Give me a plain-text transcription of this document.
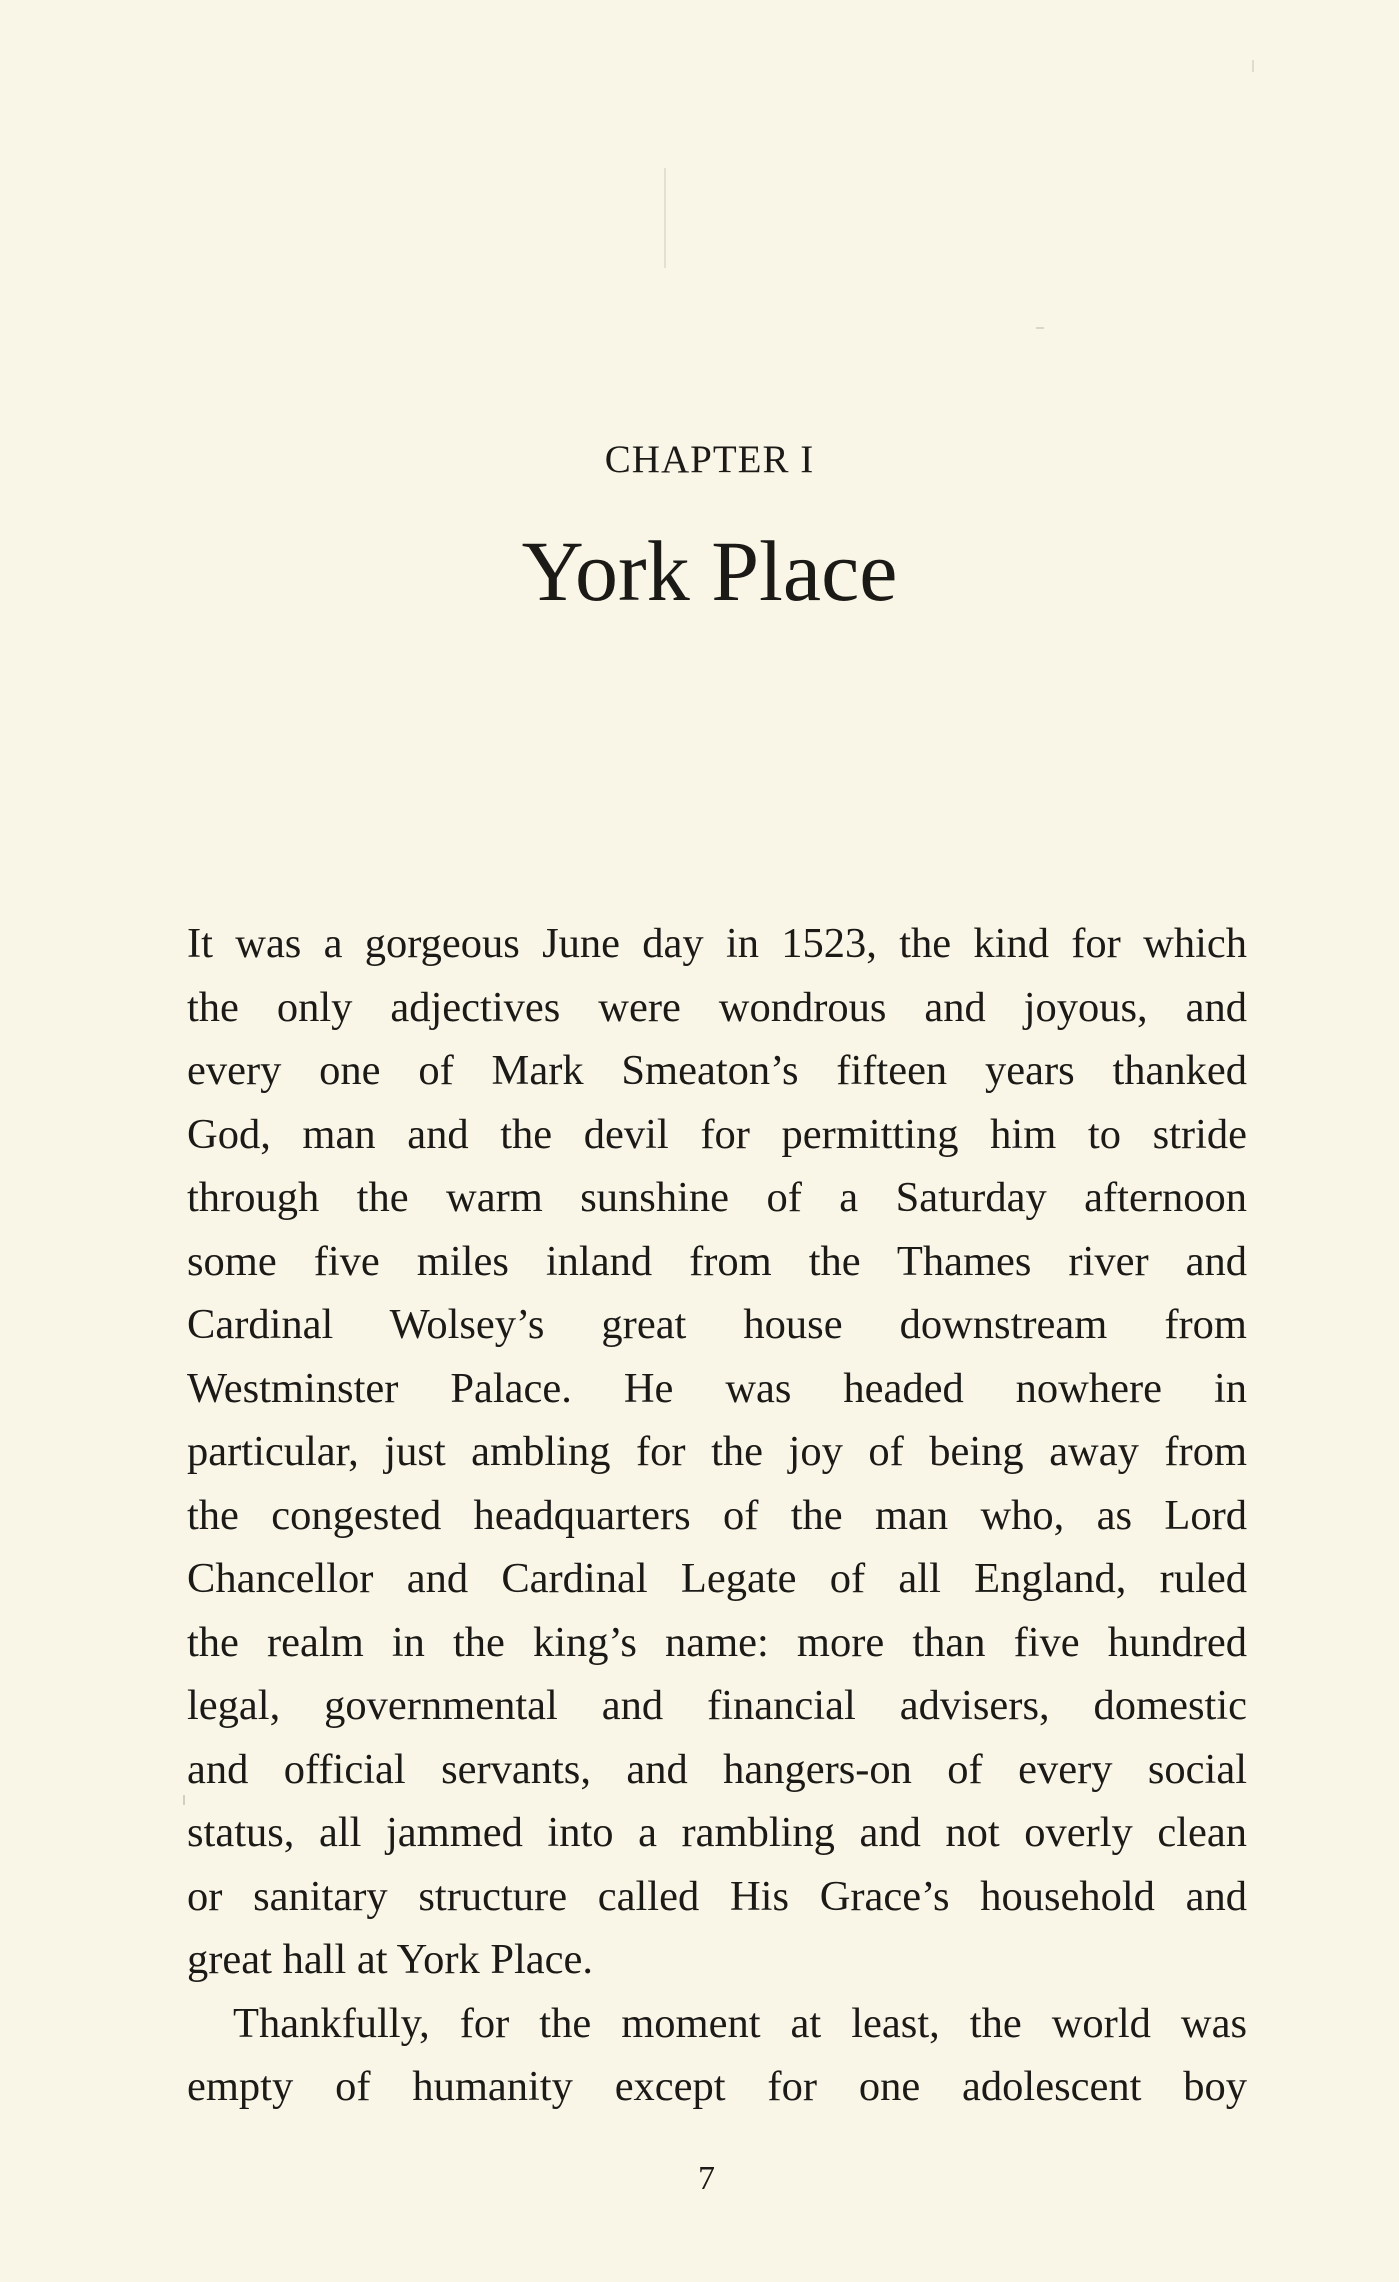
CHAPTER I
York Place
It was a gorgeous June day in 1523, the kind for which
the only adjectives were wondrous and joyous, and
every one of Mark Smeaton’s fifteen years thanked
God, man and the devil for permitting him to stride
through the warm sunshine of a Saturday afternoon
some five miles inland from the Thames river and
Cardinal Wolsey’s great house downstream from
Westminster Palace. He was headed nowhere in
particular, just ambling for the joy of being away from
the congested headquarters of the man who, as Lord
Chancellor and Cardinal Legate of all England, ruled
the realm in the king’s name: more than five hundred
legal, governmental and financial advisers, domestic
and official servants, and hangers-on of every social
status, all jammed into a rambling and not overly clean
or sanitary structure called His Grace’s household and
great hall at York Place.
Thankfully, for the moment at least, the world was
empty of humanity except for one adolescent boy
7
